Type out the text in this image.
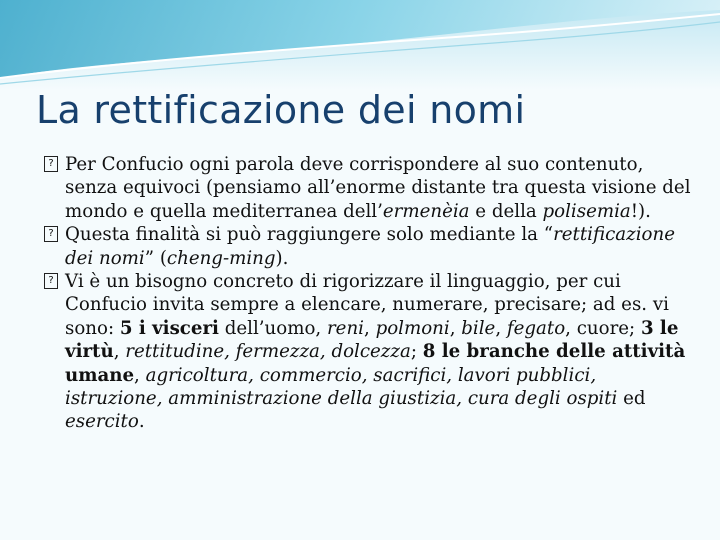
La rettificazione dei nomi

? Per Confucio ogni parola deve corrispondere al suo contenuto, senza equivoci (pensiamo all’enorme distante tra questa visione del mondo e quella mediterranea dell’ermenèia e della polisemia!).

? Questa finalità si può raggiungere solo mediante la “rettificazione dei nomi” (cheng-ming).

? Vi è un bisogno concreto di rigorizzare il linguaggio, per cui Confucio invita sempre a elencare, numerare, precisare; ad es. vi sono: 5 i visceri dell’uomo, reni, polmoni, bile, fegato, cuore; 3 le virtù, rettitudine, fermezza, dolcezza; 8 le branche delle attività umane, agricoltura, commercio, sacrifici, lavori pubblici, istruzione, amministrazione della giustizia, cura degli ospiti ed esercito.
